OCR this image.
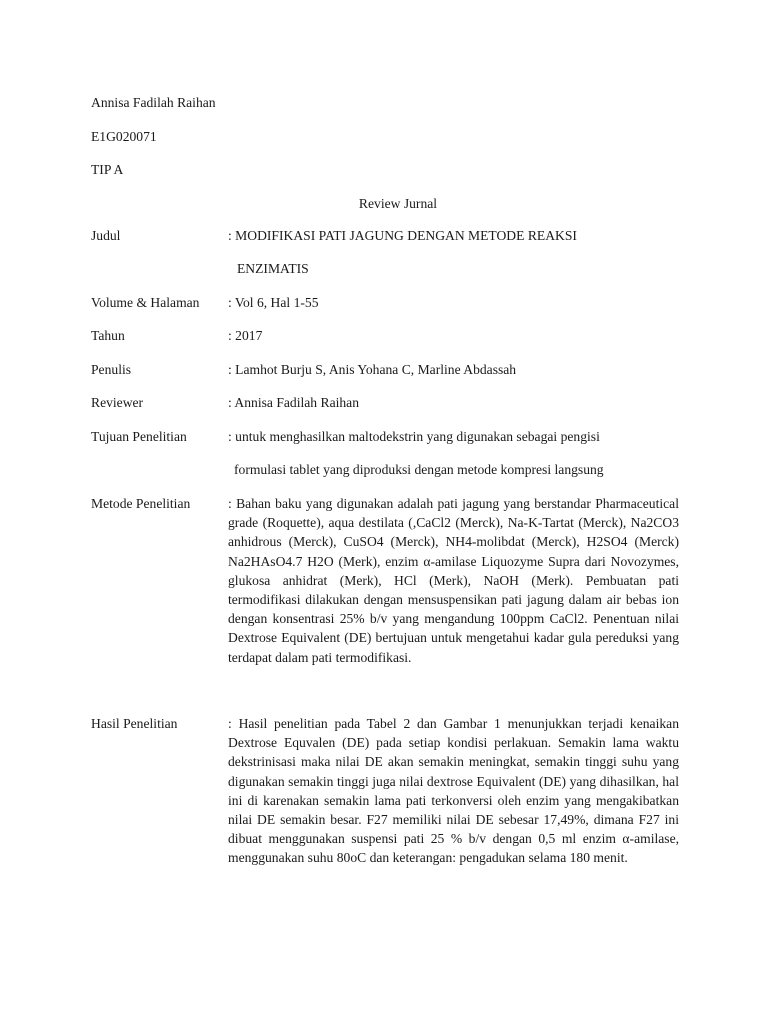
Annisa Fadilah Raihan

E1G020071

TIP A

Review Jurnal
Judul	: MODIFIKASI PATI JAGUNG DENGAN METODE REAKSI
ENZIMATIS
Volume & Halaman : Vol 6, Hal 1-55
Tahun	: 2017
Penulis	: Lamhot Burju S, Anis Yohana C, Marline Abdassah
Reviewer	: Annisa Fadilah Raihan
Tujuan Penelitian	: untuk menghasilkan maltodekstrin yang digunakan sebagai pengisi
formulasi tablet yang diproduksi dengan metode kompresi langsung
Metode Penelitian	: Bahan baku yang digunakan adalah pati jagung yang berstandar Pharmaceutical grade (Roquette), aqua destilata (,CaCl2 (Merck), Na-K-Tartat (Merck), Na2CO3 anhidrous (Merck), CuSO4 (Merck), NH4-molibdat (Merck), H2SO4 (Merck) Na2HAsO4.7 H2O (Merk), enzim α-amilase Liquozyme Supra dari Novozymes, glukosa anhidrat (Merk), HCl (Merk), NaOH (Merk). Pembuatan pati termodifikasi dilakukan dengan mensuspensikan pati jagung dalam air bebas ion dengan konsentrasi 25% b/v yang mengandung 100ppm CaCl2. Penentuan nilai Dextrose Equivalent (DE) bertujuan untuk mengetahui kadar gula pereduksi yang terdapat dalam pati termodifikasi.
Hasil Penelitian	: Hasil penelitian pada Tabel 2 dan Gambar 1 menunjukkan terjadi kenaikan Dextrose Equvalen (DE) pada setiap kondisi perlakuan. Semakin lama waktu dekstrinisasi maka nilai DE akan semakin meningkat, semakin tinggi suhu yang digunakan semakin tinggi juga nilai dextrose Equivalent (DE) yang dihasilkan, hal ini di karenakan semakin lama pati terkonversi oleh enzim yang mengakibatkan nilai DE semakin besar. F27 memiliki nilai DE sebesar 17,49%, dimana F27 ini dibuat menggunakan suspensi pati 25 % b/v dengan 0,5 ml enzim α-amilase, menggunakan suhu 80oC dan keterangan: pengadukan selama 180 menit.
